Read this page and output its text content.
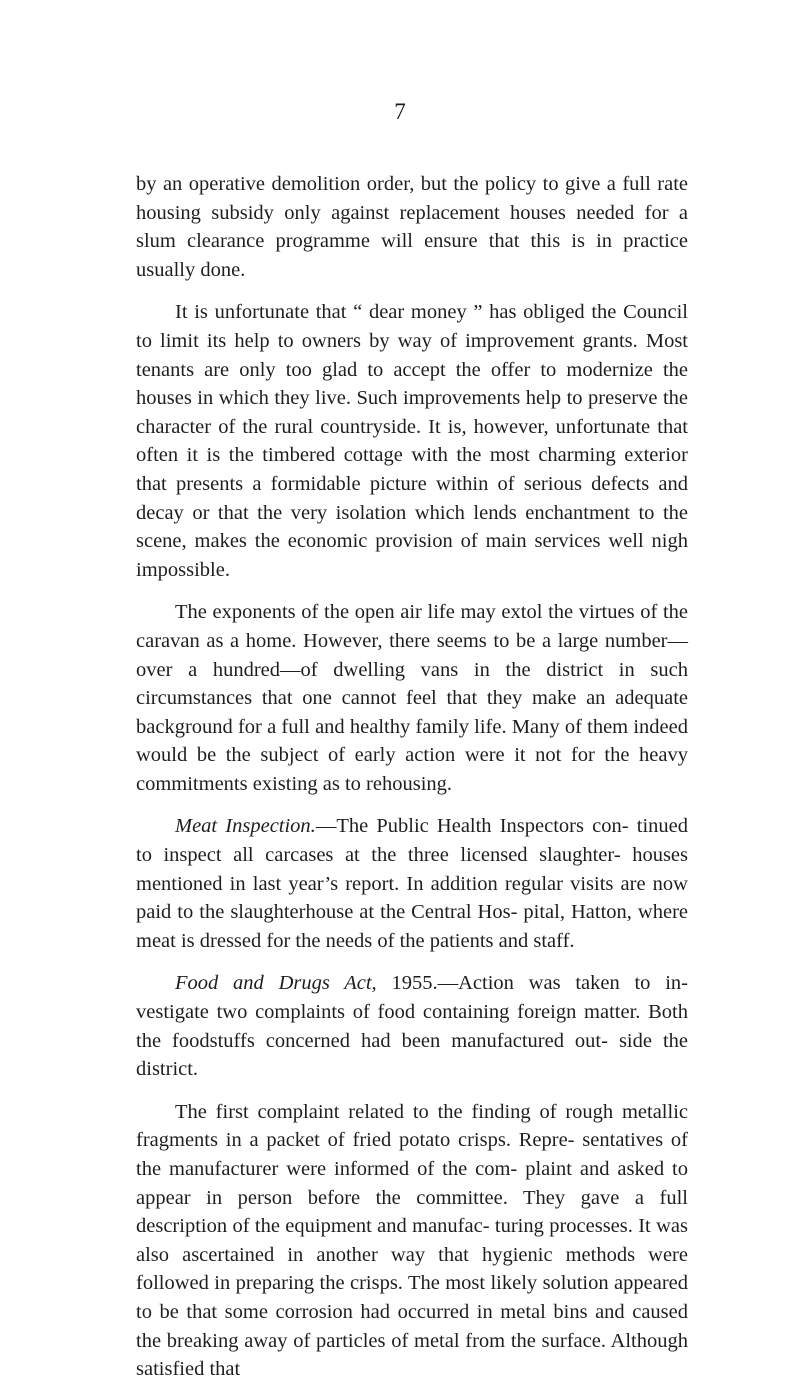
7

by an operative demolition order, but the policy to give a full rate housing subsidy only against replacement houses needed for a slum clearance programme will ensure that this is in practice usually done.

It is unfortunate that “ dear money ” has obliged the Council to limit its help to owners by way of improvement grants. Most tenants are only too glad to accept the offer to modernize the houses in which they live. Such improvements help to preserve the character of the rural countryside. It is, however, unfortunate that often it is the timbered cottage with the most charming exterior that presents a formidable picture within of serious defects and decay or that the very isolation which lends enchantment to the scene, makes the economic provision of main services well nigh impossible.

The exponents of the open air life may extol the virtues of the caravan as a home. However, there seems to be a large number—over a hundred—of dwelling vans in the district in such circumstances that one cannot feel that they make an adequate background for a full and healthy family life. Many of them indeed would be the subject of early action were it not for the heavy commitments existing as to rehousing.

Meat Inspection.—The Public Health Inspectors con- tinued to inspect all carcases at the three licensed slaughter- houses mentioned in last year’s report. In addition regular visits are now paid to the slaughterhouse at the Central Hos- pital, Hatton, where meat is dressed for the needs of the patients and staff.

Food and Drugs Act, 1955.—Action was taken to in- vestigate two complaints of food containing foreign matter. Both the foodstuffs concerned had been manufactured out- side the district.

The first complaint related to the finding of rough metallic fragments in a packet of fried potato crisps. Repre- sentatives of the manufacturer were informed of the com- plaint and asked to appear in person before the committee. They gave a full description of the equipment and manufac- turing processes. It was also ascertained in another way that hygienic methods were followed in preparing the crisps. The most likely solution appeared to be that some corrosion had occurred in metal bins and caused the breaking away of particles of metal from the surface. Although satisfied that
